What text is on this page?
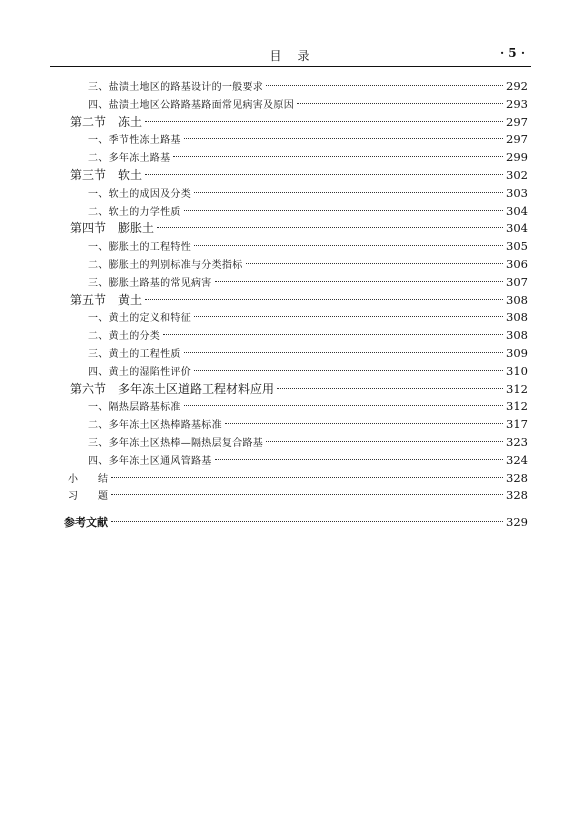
目　录	· 5 ·
三、盐渍土地区的路基设计的一般要求	292
四、盐渍土地区公路路基路面常见病害及原因	293
第二节　冻土	297
一、季节性冻土路基	297
二、多年冻土路基	299
第三节　软土	302
一、软土的成因及分类	303
二、软土的力学性质	304
第四节　膨胀土	304
一、膨胀土的工程特性	305
二、膨胀土的判别标准与分类指标	306
三、膨胀土路基的常见病害	307
第五节　黄土	308
一、黄土的定义和特征	308
二、黄土的分类	308
三、黄土的工程性质	309
四、黄土的湿陷性评价	310
第六节　多年冻土区道路工程材料应用	312
一、隔热层路基标准	312
二、多年冻土区热棒路基标准	317
三、多年冻土区热棒—隔热层复合路基	323
四、多年冻土区通风管路基	324
小　　结	328
习　　题	328
参考文献	329
